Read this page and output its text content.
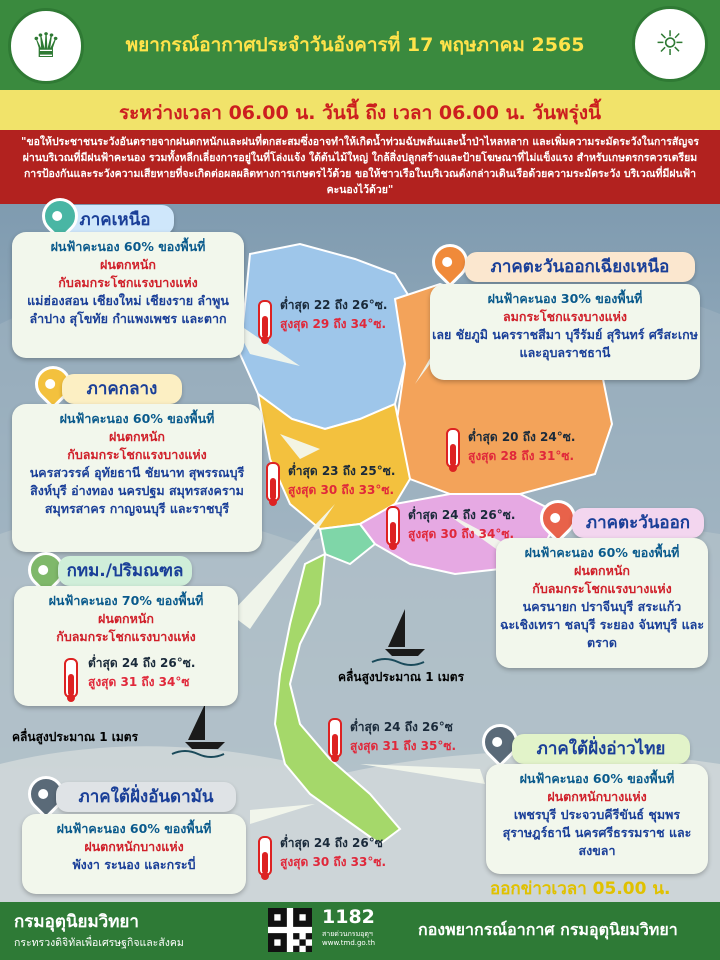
♛	พยากรณ์อากาศประจำวันอังคารที่ 17 พฤษภาคม 2565	☼
ระหว่างเวลา 06.00 น. วันนี้ ถึง เวลา 06.00 น. วันพรุ่งนี้
"ขอให้ประชาชนระวังอันตรายจากฝนตกหนักและฝนที่ตกสะสมซึ่งอาจทำให้เกิดน้ำท่วมฉับพลันและน้ำป่าไหลหลาก และเพิ่มความระมัดระวังในการสัญจรผ่านบริเวณที่มีฝนฟ้าคะนอง รวมทั้งหลีกเลี่ยงการอยู่ในที่โล่งแจ้ง ใต้ต้นไม้ใหญ่ ใกล้สิ่งปลูกสร้างและป้ายโฆษณาที่ไม่แข็งแรง สำหรับเกษตรกรควรเตรียมการป้องกันและระวังความเสียหายที่จะเกิดต่อผลผลิตทางการเกษตรไว้ด้วย ขอให้ชาวเรือในบริเวณดังกล่าวเดินเรือด้วยความระมัดระวัง บริเวณที่มีฝนฟ้าคะนองไว้ด้วย"
ภาคเหนือ
ฝนฟ้าคะนอง 60% ของพื้นที่
ฝนตกหนัก
กับลมกระโชกแรงบางแห่ง
แม่ฮ่องสอน เชียงใหม่ เชียงราย ลำพูน ลำปาง สุโขทัย กำแพงเพชร และตาก
ต่ำสุด 22 ถึง 26°ซ.
สูงสุด 29 ถึง 34°ซ.
ภาคตะวันออกเฉียงเหนือ
ฝนฟ้าคะนอง 30% ของพื้นที่
ลมกระโชกแรงบางแห่ง
เลย ชัยภูมิ นครราชสีมา บุรีรัมย์ สุรินทร์ ศรีสะเกษ และอุบลราชธานี
ต่ำสุด 20 ถึง 24°ซ.
สูงสุด 28 ถึง 31°ซ.
ภาคกลาง
ฝนฟ้าคะนอง 60% ของพื้นที่
ฝนตกหนัก
กับลมกระโชกแรงบางแห่ง
นครสวรรค์ อุทัยธานี ชัยนาท สุพรรณบุรี สิงห์บุรี อ่างทอง นครปฐม สมุทรสงคราม สมุทรสาคร กาญจนบุรี และราชบุรี
ต่ำสุด 23 ถึง 25°ซ.
สูงสุด 30 ถึง 33°ซ.
ภาคตะวันออก
ฝนฟ้าคะนอง 60% ของพื้นที่
ฝนตกหนัก
กับลมกระโชกแรงบางแห่ง
นครนายก ปราจีนบุรี สระแก้ว ฉะเชิงเทรา ชลบุรี ระยอง จันทบุรี และตราด
ต่ำสุด 24 ถึง 26°ซ.
สูงสุด 30 ถึง 34°ซ.
กทม./ปริมณฑล
ฝนฟ้าคะนอง 70% ของพื้นที่
ฝนตกหนัก
กับลมกระโชกแรงบางแห่ง
ต่ำสุด 24 ถึง 26°ซ.
สูงสุด 31 ถึง 34°ซ	คลื่นสูงประมาณ 1 เมตร
คลื่นสูงประมาณ 1 เมตร
ต่ำสุด 24 ถึง 26°ซ
สูงสุด 31 ถึง 35°ซ.	ภาคใต้ฝั่งอ่าวไทย
ฝนฟ้าคะนอง 60% ของพื้นที่
ฝนตกหนักบางแห่ง
เพชรบุรี ประจวบคีรีขันธ์ ชุมพร สุราษฎร์ธานี นครศรีธรรมราช และสงขลา
ภาคใต้ฝั่งอันดามัน
ฝนฟ้าคะนอง 60% ของพื้นที่
ฝนตกหนักบางแห่ง
พังงา ระนอง และกระบี่
ต่ำสุด 24 ถึง 26°ซ
สูงสุด 30 ถึง 33°ซ.
ออกข่าวเวลา 05.00 น.
กรมอุตุนิยมวิทยา
กระทรวงดิจิทัลเพื่อเศรษฐกิจและสังคม
1182
สายด่วนกรมอุตุฯ www.tmd.go.th
กองพยากรณ์อากาศ กรมอุตุนิยมวิทยา
